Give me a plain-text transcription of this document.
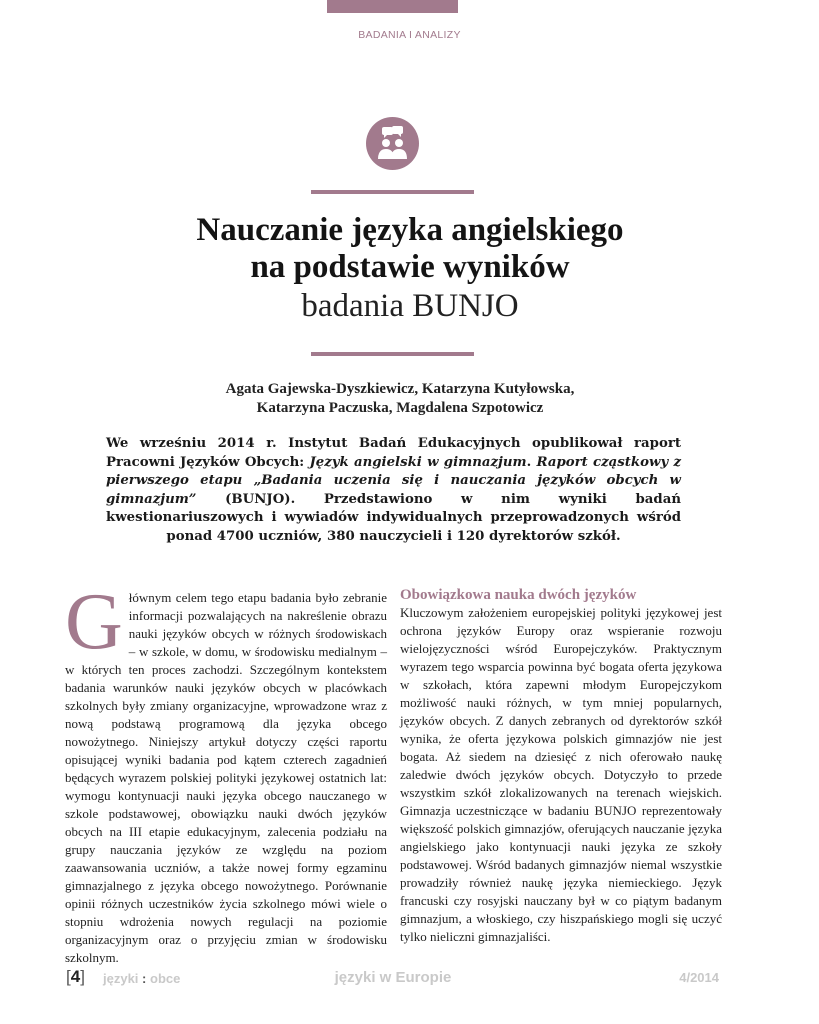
BADANIA I ANALIZY
Nauczanie języka angielskiego
na podstawie wyników
badania BUNJO
Agata Gajewska-Dyszkiewicz, Katarzyna Kutyłowska,
Katarzyna Paczuska, Magdalena Szpotowicz
We wrześniu 2014 r. Instytut Badań Edukacyjnych opublikował raport Pracowni Języków Obcych: Język angielski w gimnazjum. Raport cząstkowy z pierwszego etapu „Badania uczenia się i nauczania języków obcych w gimnazjum” (BUNJO). Przedstawiono w nim wyniki badań kwestionariuszowych i wywiadów indywidualnych przeprowadzonych wśród ponad 4700 uczniów, 380 nauczycieli i 120 dyrektorów szkół.
G łównym celem tego etapu badania było zebranie informacji pozwalających na nakreślenie obrazu nauki języków obcych w różnych środowiskach – w szkole, w domu, w środowisku medialnym – w których ten proces zachodzi. Szczególnym kontekstem badania warunków nauki języków obcych w placówkach szkolnych były zmiany organizacyjne, wprowadzone wraz z nową podstawą programową dla języka obcego nowożytnego. Niniejszy artykuł dotyczy części raportu opisującej wyniki badania pod kątem czterech zagadnień będących wyrazem polskiej polityki językowej ostatnich lat: wymogu kontynuacji nauki języka obcego nauczanego w szkole podstawowej, obowiązku nauki dwóch języków obcych na III etapie edukacyjnym, zalecenia podziału na grupy nauczania języków ze względu na poziom zaawansowania uczniów, a także nowej formy egzaminu gimnazjalnego z języka obcego nowożytnego. Porównanie opinii różnych uczestników życia szkolnego mówi wiele o stopniu wdrożenia nowych regulacji na poziomie organizacyjnym oraz o przyjęciu zmian w środowisku szkolnym.

Obowiązkowa nauka dwóch języków

Kluczowym założeniem europejskiej polityki językowej jest ochrona języków Europy oraz wspieranie rozwoju wielojęzyczności wśród Europejczyków. Praktycznym wyrazem tego wsparcia powinna być bogata oferta językowa w szkołach, która zapewni młodym Europejczykom możliwość nauki różnych, w tym mniej popularnych, języków obcych. Z danych zebranych od dyrektorów szkół wynika, że oferta językowa polskich gimnazjów nie jest bogata. Aż siedem na dziesięć z nich oferowało naukę zaledwie dwóch języków obcych. Dotyczyło to przede wszystkim szkół zlokalizowanych na terenach wiejskich. Gimnazja uczestniczące w badaniu BUNJO reprezentowały większość polskich gimnazjów, oferujących nauczanie języka angielskiego jako kontynuacji nauki języka ze szkoły podstawowej. Wśród badanych gimnazjów niemal wszystkie prowadziły również naukę języka niemieckiego. Język francuski czy rosyjski nauczany był w co piątym badanym gimnazjum, a włoskiego, czy hiszpańskiego mogli się uczyć tylko nieliczni gimnazjaliści.

[4] języki : obce	języki w Europie	4/2014
